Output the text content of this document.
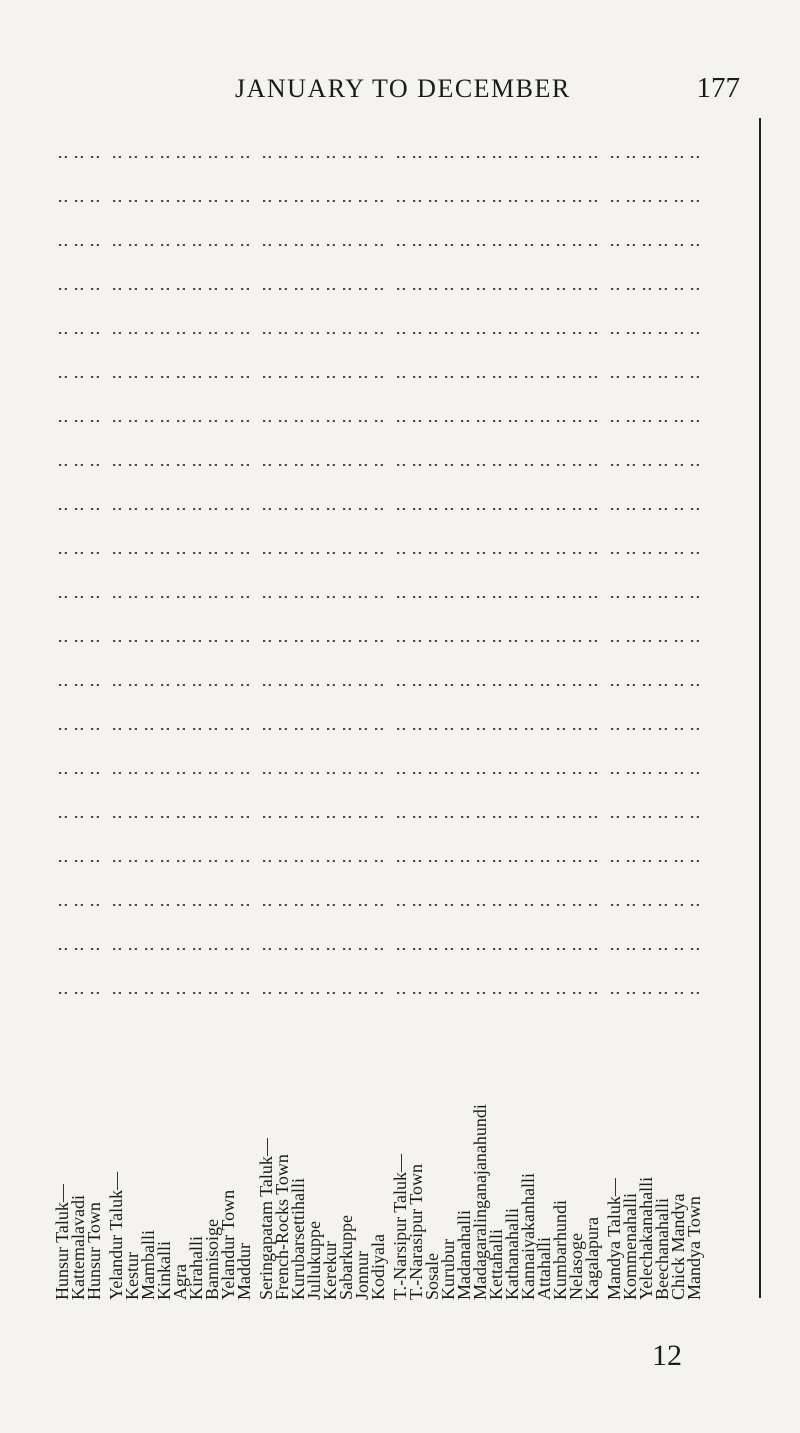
JANUARY TO DECEMBER	177
Hunsur Taluk—
:
:
:
:
:
:
:
:
:
:
:
:
:
:
:
:
:
:
:
:
Kattemalavadi
:
:
:
:
:
:
:
:
:
:
:
:
:
:
:
:
:
:
:
:
Hunsur Town
:
:
:
:
:
:
:
:
:
:
:
:
:
:
:
:
:
:
:
:
Yelandur Taluk—
:
:
:
:
:
:
:
:
:
:
:
:
:
:
:
:
:
:
:
:
Kestur
:
:
:
:
:
:
:
:
:
:
:
:
:
:
:
:
:
:
:
:
Mamballi
:
:
:
:
:
:
:
:
:
:
:
:
:
:
:
:
:
:
:
:
Kinkalli
:
:
:
:
:
:
:
:
:
:
:
:
:
:
:
:
:
:
:
:
Agra
:
:
:
:
:
:
:
:
:
:
:
:
:
:
:
:
:
:
:
:
Kirahalli
:
:
:
:
:
:
:
:
:
:
:
:
:
:
:
:
:
:
:
:
Bannisoige
:
:
:
:
:
:
:
:
:
:
:
:
:
:
:
:
:
:
:
:
Yelandur Town
:
:
:
:
:
:
:
:
:
:
:
:
:
:
:
:
:
:
:
:
Maddur
:
:
:
:
:
:
:
:
:
:
:
:
:
:
:
:
:
:
:
:
Seringapatam Taluk—
:
:
:
:
:
:
:
:
:
:
:
:
:
:
:
:
:
:
:
:
French-Rocks Town
:
:
:
:
:
:
:
:
:
:
:
:
:
:
:
:
:
:
:
:
Kurubarsettihalli
:
:
:
:
:
:
:
:
:
:
:
:
:
:
:
:
:
:
:
:
Jullukuppe
:
:
:
:
:
:
:
:
:
:
:
:
:
:
:
:
:
:
:
:
Kerekur
:
:
:
:
:
:
:
:
:
:
:
:
:
:
:
:
:
:
:
:
Sabarkuppe
:
:
:
:
:
:
:
:
:
:
:
:
:
:
:
:
:
:
:
:
Jonnur
:
:
:
:
:
:
:
:
:
:
:
:
:
:
:
:
:
:
:
:
Kodiyala
:
:
:
:
:
:
:
:
:
:
:
:
:
:
:
:
:
:
:
:
T.-Narsipur Taluk—
:
:
:
:
:
:
:
:
:
:
:
:
:
:
:
:
:
:
:
:
T.-Narasipur Town
:
:
:
:
:
:
:
:
:
:
:
:
:
:
:
:
:
:
:
:
Sosale
:
:
:
:
:
:
:
:
:
:
:
:
:
:
:
:
:
:
:
:
Kurubur
:
:
:
:
:
:
:
:
:
:
:
:
:
:
:
:
:
:
:
:
Madanahalli
:
:
:
:
:
:
:
:
:
:
:
:
:
:
:
:
:
:
:
:
Madagaralinganajanahundi
:
:
:
:
:
:
:
:
:
:
:
:
:
:
:
:
:
:
:
:
Kettahalli
:
:
:
:
:
:
:
:
:
:
:
:
:
:
:
:
:
:
:
:
Kathanahalli
:
:
:
:
:
:
:
:
:
:
:
:
:
:
:
:
:
:
:
:
Kannaiyakanhalli
:
:
:
:
:
:
:
:
:
:
:
:
:
:
:
:
:
:
:
:
Attahalli
:
:
:
:
:
:
:
:
:
:
:
:
:
:
:
:
:
:
:
:
Kumbarhundi
:
:
:
:
:
:
:
:
:
:
:
:
:
:
:
:
:
:
:
:
Nelasoge
:
:
:
:
:
:
:
:
:
:
:
:
:
:
:
:
:
:
:
:
Kagalapura
:
:
:
:
:
:
:
:
:
:
:
:
:
:
:
:
:
:
:
:
Mandya Taluk—
:
:
:
:
:
:
:
:
:
:
:
:
:
:
:
:
:
:
:
:
Kommenahalli
:
:
:
:
:
:
:
:
:
:
:
:
:
:
:
:
:
:
:
:
Yelechakanahalli
:
:
:
:
:
:
:
:
:
:
:
:
:
:
:
:
:
:
:
:
Beechanahalli
:
:
:
:
:
:
:
:
:
:
:
:
:
:
:
:
:
:
:
:
Chick Mandya
:
:
:
:
:
:
:
:
:
:
:
:
:
:
:
:
:
:
:
:
Mandya Town
:
:
:
:
:
:
:
:
:
:
:
:
:
:
:
:
:
:
:
:
12
